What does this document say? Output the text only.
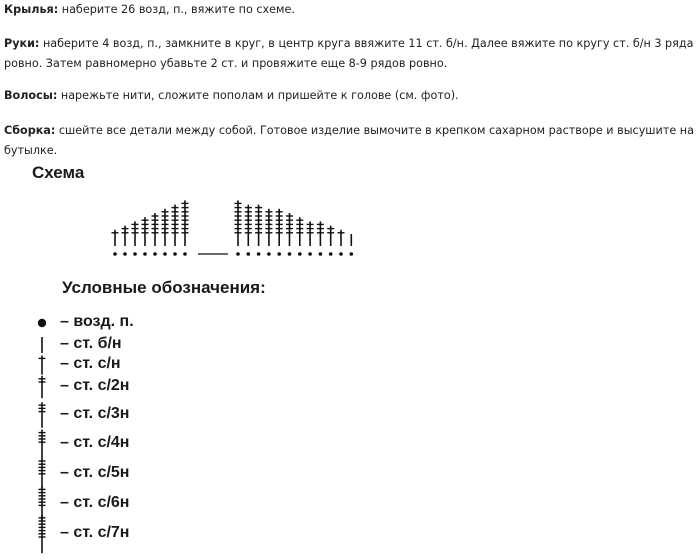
Крылья: наберите 26 возд, п., вяжите по схеме.

Руки: наберите 4 возд, п., замкните в круг, в центр круга ввяжите 11 ст. б/н. Далее вяжите по кругу ст. б/н 3 ряда ровно. Затем равномерно убавьте 2 ст. и провяжите еще 8-9 рядов ровно.

Волосы: нарежьте нити, сложите пополам и пришейте к голове (см. фото).

Сборка: сшейте все детали между собой. Готовое изделие вымочите в крепком сахарном растворе и высушите на бутылке.

Схема
Условные обозначения:
– возд. п.
– ст. б/н
– ст. с/н
– ст. с/2н
– ст. с/3н
– ст. с/4н
– ст. с/5н
– ст. с/6н
– ст. с/7н
